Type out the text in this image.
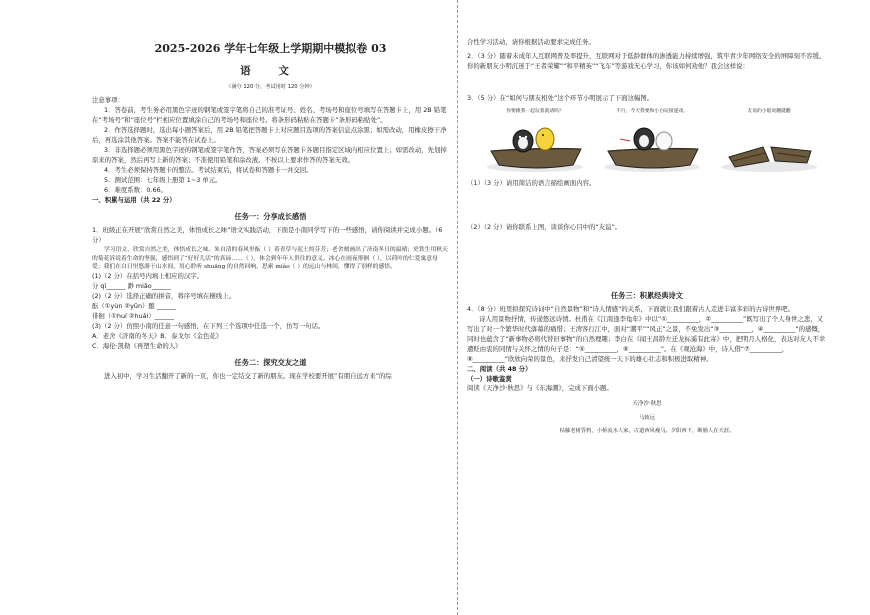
2025-2026 学年七年级上学期期中模拟卷 03
语 文
（满分 120 分，考试用时 120 分钟）

注意事项：

1．答卷前，考生务必用黑色字迹的钢笔或签字笔将自己的准考证号、姓名、考场号和座位号填写在答题卡上，用 2B 铅笔在“考场号”和“座位号”栏相应位置填涂自己的考场号和座位号。将条形码粘贴在答题卡“条形码粘贴处”。

2．作答选择题时，选出每小题答案后，用 2B 铅笔把答题卡上对应题目选项的答案信息点涂黑；如需改动，用橡皮擦干净后，再选涂其他答案。答案不能答在试卷上。

3．非选择题必须用黑色字迹的钢笔或签字笔作答，答案必须写在答题卡各题目指定区域内相应位置上；如需改动，先划掉原来的答案，然后再写上新的答案；不准使用铅笔和涂改液。不按以上要求作答的答案无效。

4．考生必须保持答题卡的整洁。考试结束后，将试卷和答题卡一并交回。

5．测试范围：七年级上册第 1~3 单元。

6．难度系数：0.66。

一、积累与运用（共 22 分）

任务一：分享成长感悟

1．班级正在开展“欣赏自然之美，体悟成长之味”语文实践活动，下面是小南同学写下的一些感悟，请你阅读并完成小题。（6 分）

学习语文，欣赏自然之美，体悟成长之味。朱自清的春风里酝（ ）着青草与泥土的芬芳；老舍刻画出了济南冬日的温晴；史铁生用秋天的菊花诉说着生命的坚强，感悟到了“好好儿活”的真谛……（ ），体会到年年人贵往的意义。冰心在雨夜徘徊（ ），以荷叶的仁爱寓意母爱；我们在白日里悠游于山水间，用心聆听 shuāng 的自然回响，思索 miǎo（ ）的远山与林间，懂得了别样的感悟。

(1)（2 分）在括号内填上相应的汉字。

分 qì______ 渺 miǎo______

(2)（2 分）选择正确的拼音，将序号填在横线上。

酝（①yùn ②yūn）酿 ______

徘徊（①huí ②huái）______

(3)（2 分）仿照小南的任意一句感悟，在下列三个选项中任选一个，仿写一句话。

A．老舍《济南的冬天》B．泰戈尔《金色花》

C．海伦·凯勒《再塑生命的人》

任务二：探究交友之道

进入初中，学习生活翻开了新的一页，你也一定结交了新的朋友。现在学校要开展“有朋自远方来”的综

合性学习活动，请你根据活动要求完成任务。

2．（3 分）随着未成年人互联网普及率提升，互联网对于低龄群体的渗透能力持续增强，筑牢青少年网络安全的屏障刻不容缓。你的新朋友小明沉迷于“王者荣耀”“和平精英”“飞车”等游戏无心学习，你该如何劝他？我会这样说：

3．（5 分）在“如何与朋友相处”这个环节小明展示了下面这幅图。

你要跟我一起玩着就请吗？	不行，今天我要和小白玩接递戏。	友谊的小船说翻就翻

（1）（3 分）请用简洁的语言描绘画面内容。

（2）（2 分）请你联系上图，谈谈你心目中的“友谊”。

任务三：积累经典诗文

4．（8 分）班里拟探究诗词中“自然景物”和“诗人情感”的关系，下面就让我们跟着古人走进丰富多彩的古诗世界吧。

诗人用景物抒情，传递悠远诗情。杜甫在《江南逢李龟年》中以“①__________，②__________”既写出了个人身世之悲，又写出了对一个繁华时代落幕的痛惜；王湾客行江中，面对“潮平”“风正”之景，不免发出“③__________，④__________”的感慨，同时也蕴含了“新事物必将代替旧事物”的自然理趣；李白在《闻王昌龄左迁龙标遥有此寄》中，把明月人格化，表达对友人不幸遭贬由衷的同情与关怀之情的句子是：“⑤__________，⑥__________”。在《观沧海》中，诗人借“⑦__________，⑧__________”欣欣向荣的景色，来抒发自己清望统一天下的雄心壮志和积极进取精神。

二、阅读（共 48 分）

（一）诗歌鉴赏

阅读《天净沙·秋思》与《东海潮》，完成下面小题。

天净沙·秋思
马致远
枯藤老树昏鸦，小桥流水人家，古道西风瘦马。夕阳西下，断肠人在天涯。
